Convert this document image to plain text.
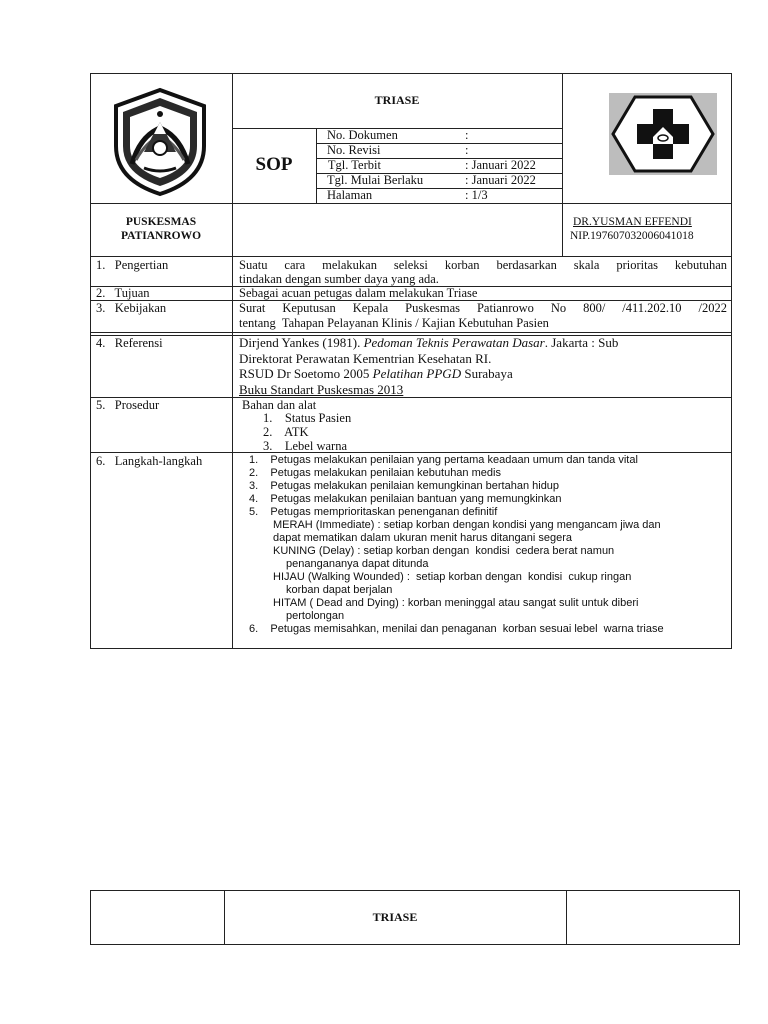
TRIASE
SOP
No. Dokumen	:
No. Revisi	:
Tgl. Terbit	: Januari 2022
Tgl. Mulai Berlaku	: Januari 2022
Halaman	: 1/3
PUSKESMAS
PATIANROWO
DR.YUSMAN EFFENDI
NIP.197607032006041018
1.   Pengertian	Suatu cara melakukan seleksi korban berdasarkan skala prioritas kebutuhan
tindakan dengan sumber daya yang ada.
2.   Tujuan	Sebagai acuan petugas dalam melakukan Triase
3.   Kebijakan	Surat Keputusan Kepala Puskesmas Patianrowo No 800/ /411.202.10 /2022
tentang  Tahapan Pelayanan Klinis / Kajian Kebutuhan Pasien
4.   Referensi	Dirjend Yankes (1981). Pedoman Teknis Perawatan Dasar. Jakarta : Sub
Direktorat Perawatan Kementrian Kesehatan RI.
RSUD Dr Soetomo 2005 Pelatihan PPGD Surabaya
Buku Standart Puskesmas 2013
5.   Prosedur	Bahan dan alat
1.    Status Pasien
2.    ATK
3.    Lebel warna
6.   Langkah-langkah	1.    Petugas melakukan penilaian yang pertama keadaan umum dan tanda vital
2.    Petugas melakukan penilaian kebutuhan medis
3.    Petugas melakukan penilaian kemungkinan bertahan hidup
4.    Petugas melakukan penilaian bantuan yang memungkinkan
5.    Petugas memprioritaskan penenganan definitif
MERAH (Immediate) : setiap korban dengan kondisi yang mengancam jiwa dan
dapat mematikan dalam ukuran menit harus ditangani segera
KUNING (Delay) : setiap korban dengan  kondisi  cedera berat namun
penangananya dapat ditunda
HIJAU (Walking Wounded) :  setiap korban dengan  kondisi  cukup ringan
korban dapat berjalan
HITAM ( Dead and Dying) : korban meninggal atau sangat sulit untuk diberi
pertolongan
6.    Petugas memisahkan, menilai dan penaganan  korban sesuai lebel  warna triase
TRIASE
